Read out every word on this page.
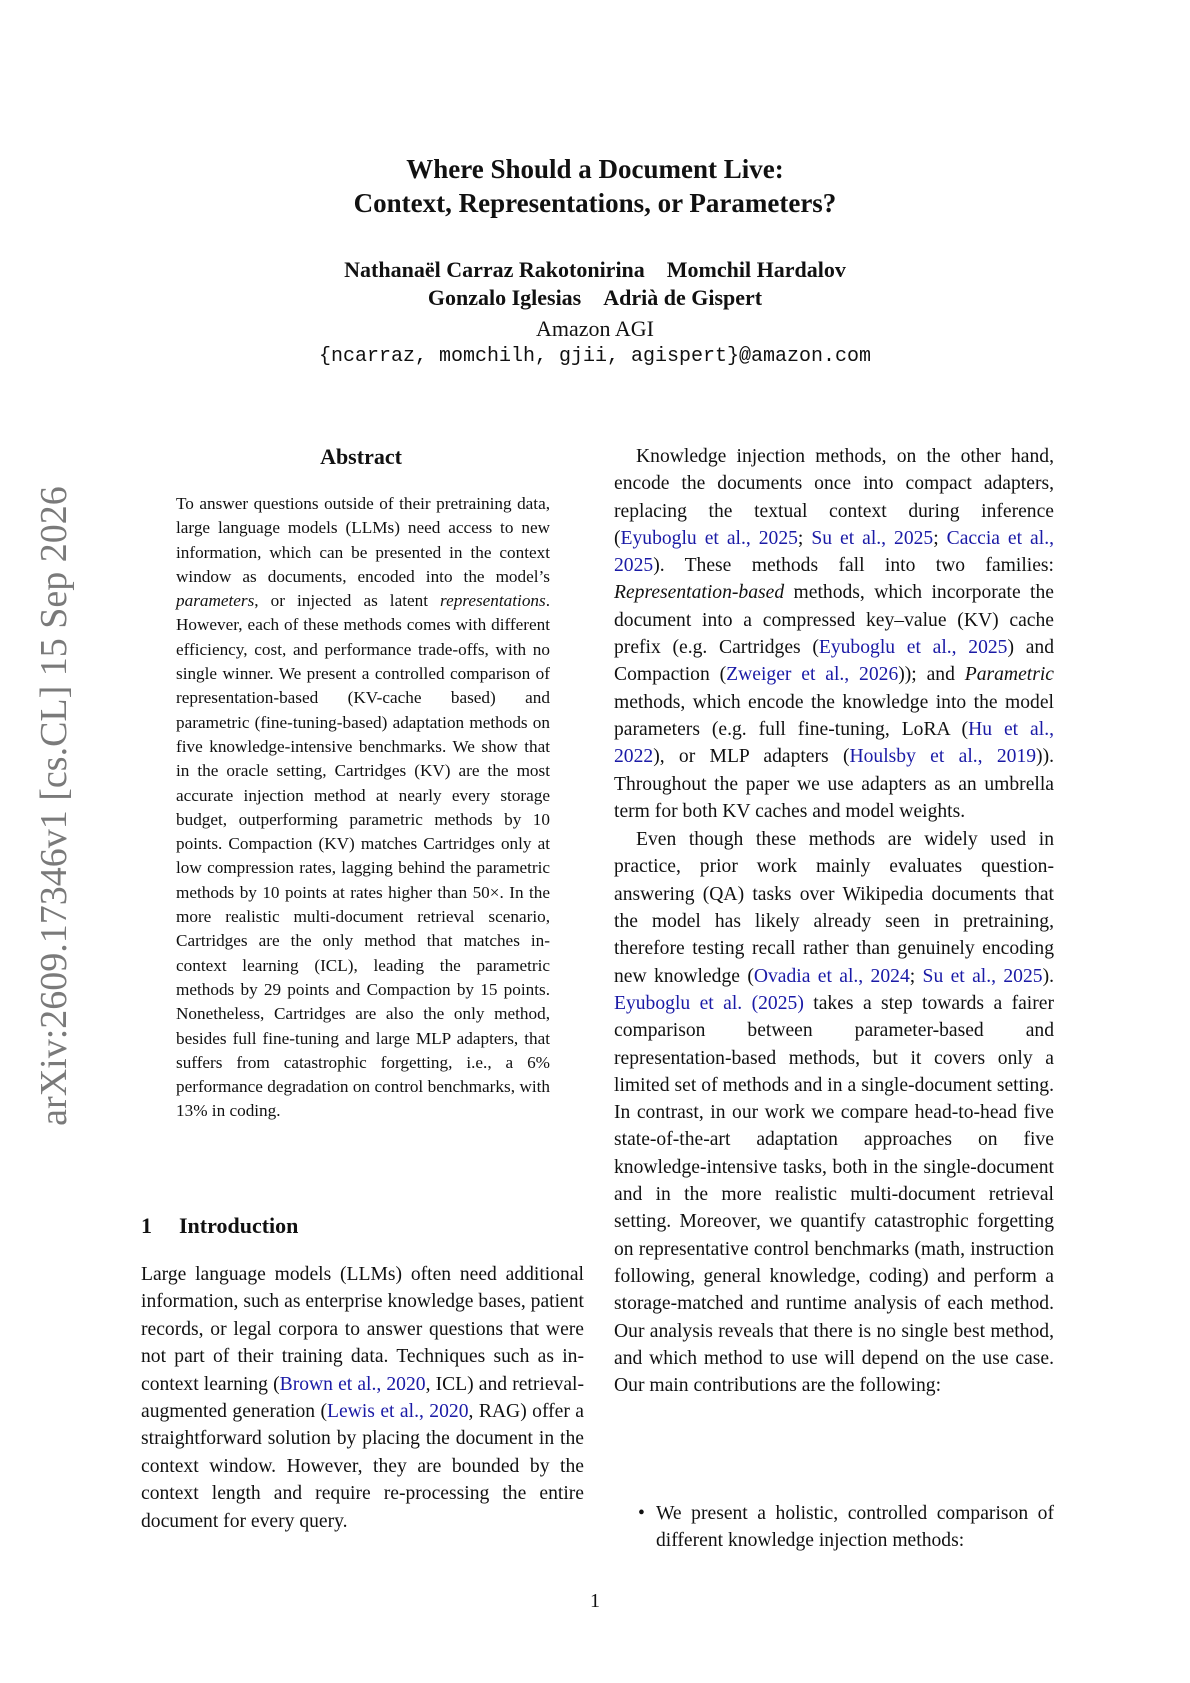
arXiv:2609.17346v1 [cs.CL] 15 Sep 2026
Where Should a Document Live:
Context, Representations, or Parameters?
Nathanaël Carraz Rakotonirina Momchil Hardalov
Gonzalo Iglesias Adrià de Gispert
Amazon AGI
{ncarraz, momchilh, gjii, agispert}@amazon.com
Abstract

To answer questions outside of their pretraining data, large language models (LLMs) need access to new information, which can be presented in the context window as documents, encoded into the model’s parameters, or injected as latent representations. However, each of these methods comes with different efficiency, cost, and performance trade-offs, with no single winner. We present a controlled comparison of representation-based (KV-cache based) and parametric (fine-tuning-based) adaptation methods on five knowledge-intensive benchmarks. We show that in the oracle setting, Cartridges (KV) are the most accurate injection method at nearly every storage budget, outperforming parametric methods by 10 points. Compaction (KV) matches Cartridges only at low compression rates, lagging behind the parametric methods by 10 points at rates higher than 50×. In the more realistic multi-document retrieval scenario, Cartridges are the only method that matches in-context learning (ICL), leading the parametric methods by 29 points and Compaction by 15 points. Nonetheless, Cartridges are also the only method, besides full fine-tuning and large MLP adapters, that suffers from catastrophic forgetting, i.e., a 6% performance degradation on control benchmarks, with 13% in coding.

1 Introduction

Large language models (LLMs) often need additional information, such as enterprise knowledge bases, patient records, or legal corpora to answer questions that were not part of their training data. Techniques such as in-context learning (Brown et al., 2020, ICL) and retrieval-augmented generation (Lewis et al., 2020, RAG) offer a straightforward solution by placing the document in the context window. However, they are bounded by the context length and require re-processing the entire document for every query.

Knowledge injection methods, on the other hand, encode the documents once into compact adapters, replacing the textual context during inference (Eyuboglu et al., 2025; Su et al., 2025; Caccia et al., 2025). These methods fall into two families: Representation-based methods, which incorporate the document into a compressed key–value (KV) cache prefix (e.g. Cartridges (Eyuboglu et al., 2025) and Compaction (Zweiger et al., 2026)); and Parametric methods, which encode the knowledge into the model parameters (e.g. full fine-tuning, LoRA (Hu et al., 2022), or MLP adapters (Houlsby et al., 2019)). Throughout the paper we use adapters as an umbrella term for both KV caches and model weights.

Even though these methods are widely used in practice, prior work mainly evaluates question-answering (QA) tasks over Wikipedia documents that the model has likely already seen in pretraining, therefore testing recall rather than genuinely encoding new knowledge (Ovadia et al., 2024; Su et al., 2025). Eyuboglu et al. (2025) takes a step towards a fairer comparison between parameter-based and representation-based methods, but it covers only a limited set of methods and in a single-document setting. In contrast, in our work we compare head-to-head five state-of-the-art adaptation approaches on five knowledge-intensive tasks, both in the single-document and in the more realistic multi-document retrieval setting. Moreover, we quantify catastrophic forgetting on representative control benchmarks (math, instruction following, general knowledge, coding) and perform a storage-matched and runtime analysis of each method. Our analysis reveals that there is no single best method, and which method to use will depend on the use case. Our main contributions are the following:

• We present a holistic, controlled comparison of different knowledge injection methods:
1
